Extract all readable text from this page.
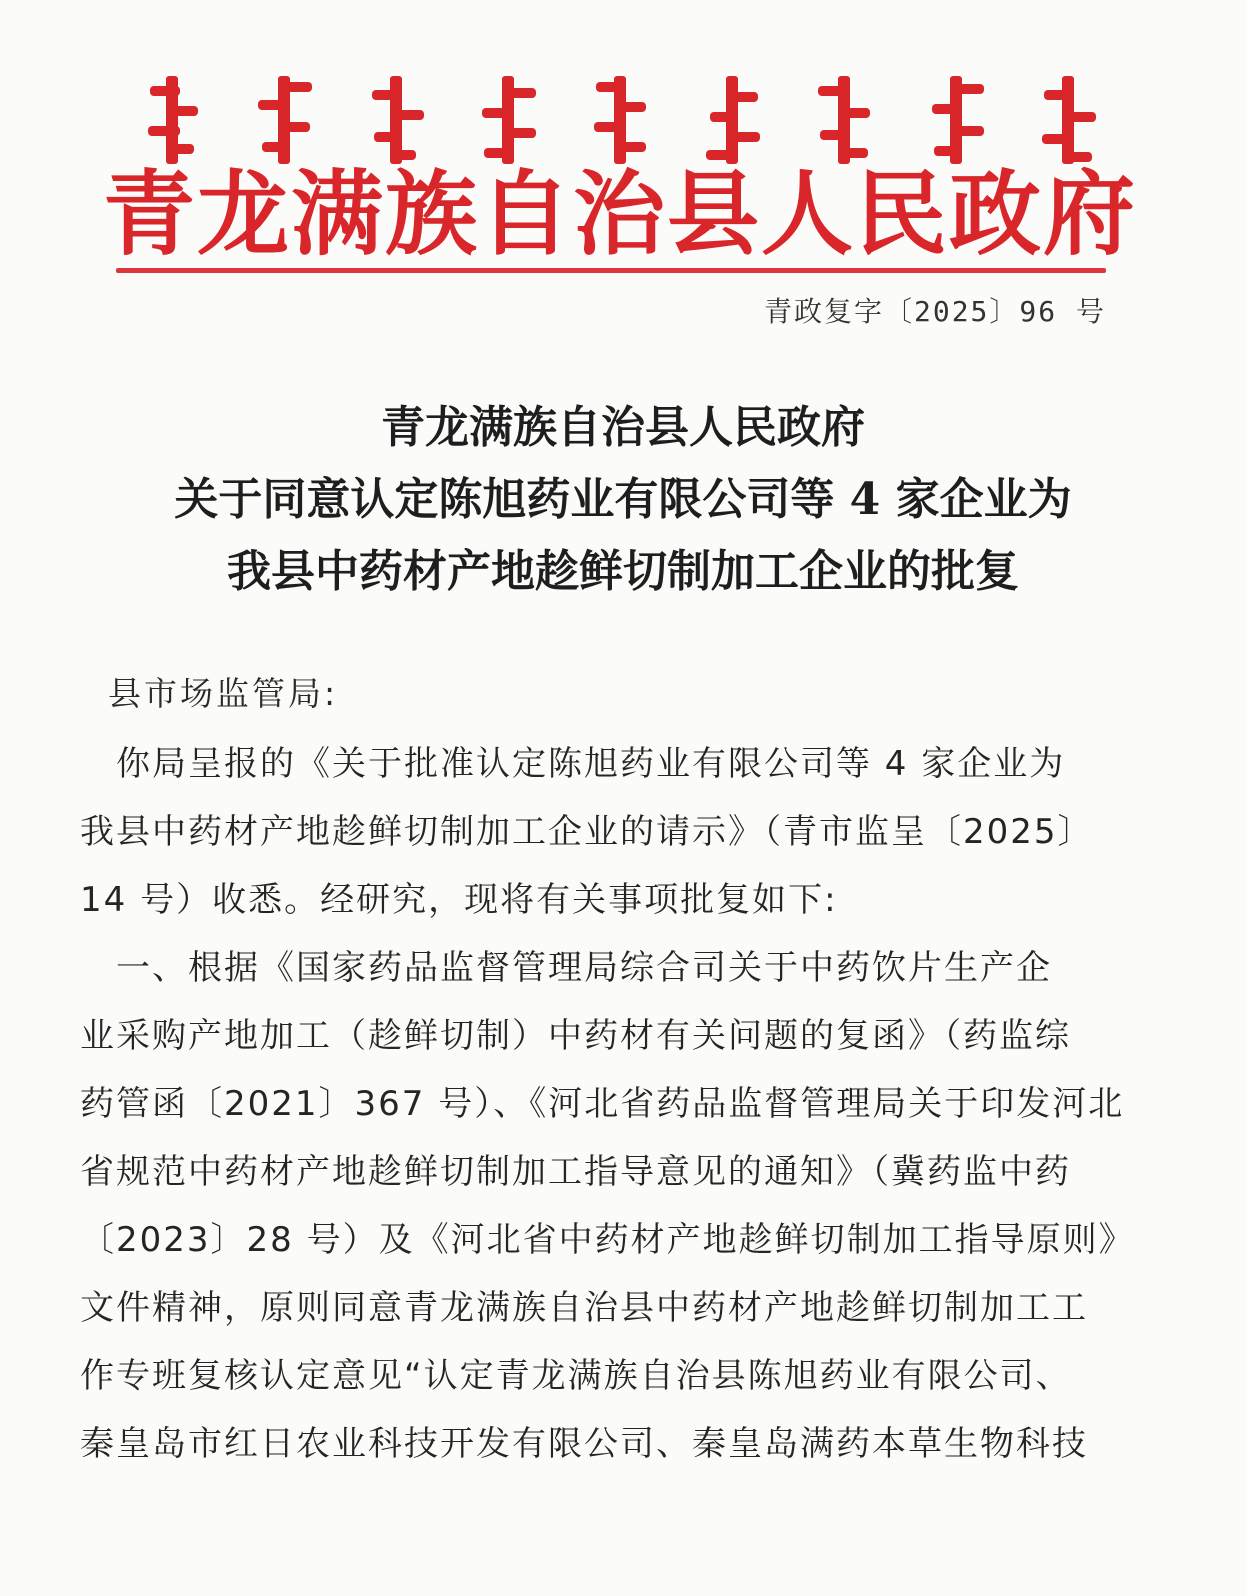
青龙满族自治县人民政府
青政复字〔2025〕96 号
青龙满族自治县人民政府
关于同意认定陈旭药业有限公司等 4 家企业为
我县中药材产地趁鲜切制加工企业的批复
县市场监管局:
　你局呈报的《关于批准认定陈旭药业有限公司等 4 家企业为
我县中药材产地趁鲜切制加工企业的请示》（青市监呈〔2025〕
14 号）收悉。经研究，现将有关事项批复如下:
　一、根据《国家药品监督管理局综合司关于中药饮片生产企
业采购产地加工（趁鲜切制）中药材有关问题的复函》（药监综
药管函〔2021〕367 号）、《河北省药品监督管理局关于印发河北
省规范中药材产地趁鲜切制加工指导意见的通知》（冀药监中药
〔2023〕28 号）及《河北省中药材产地趁鲜切制加工指导原则》
文件精神，原则同意青龙满族自治县中药材产地趁鲜切制加工工
作专班复核认定意见“认定青龙满族自治县陈旭药业有限公司、
秦皇岛市红日农业科技开发有限公司、秦皇岛满药本草生物科技
